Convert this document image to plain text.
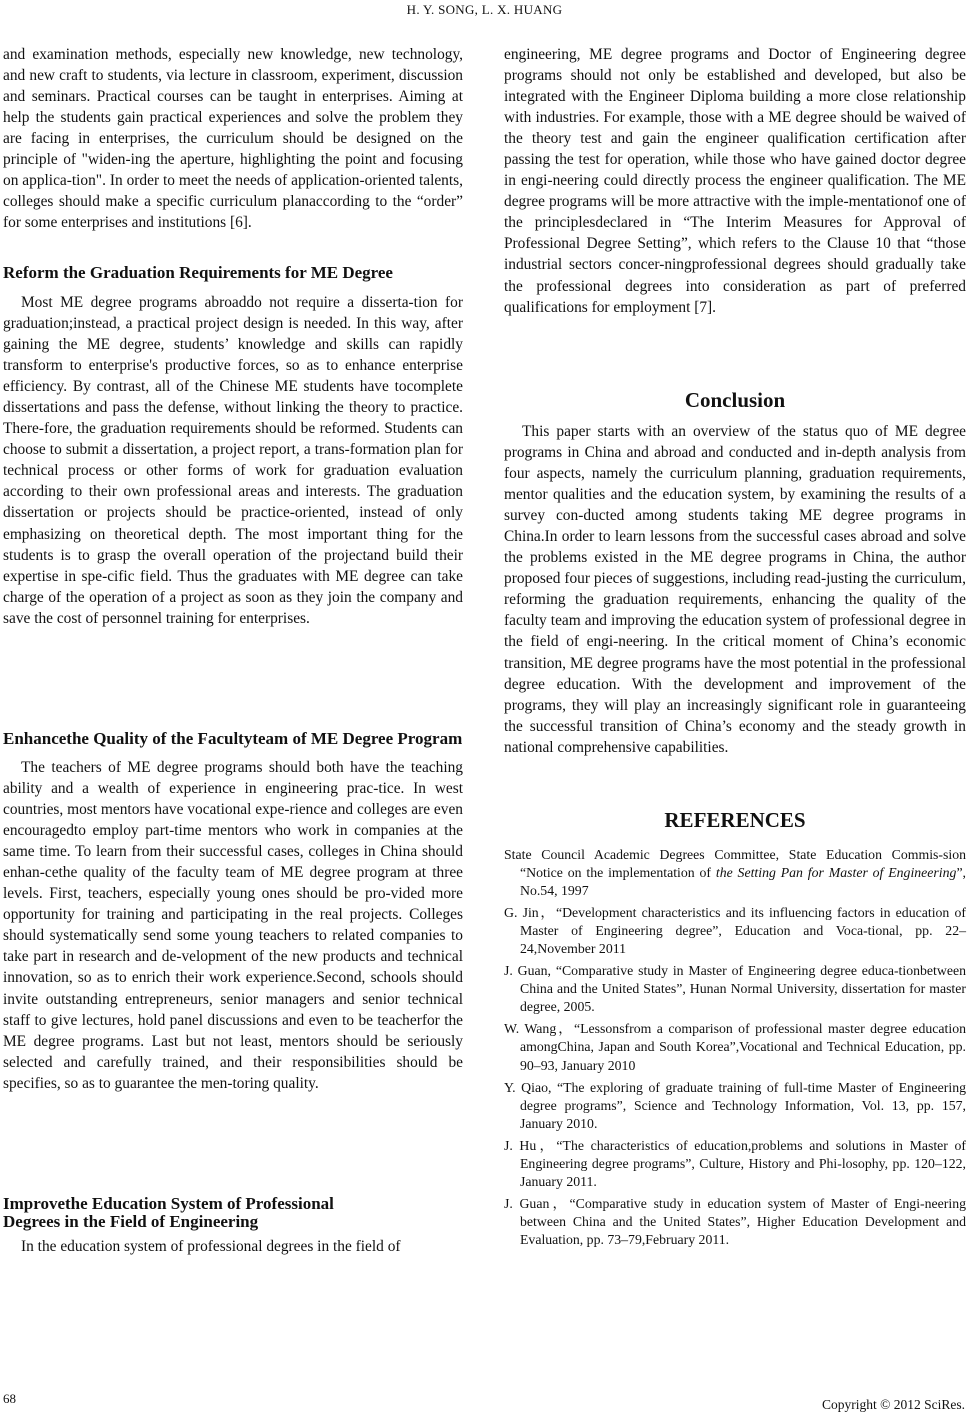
H. Y. SONG, L. X. HUANG

and examination methods, especially new knowledge, new technology, and new craft to students, via lecture in classroom, experiment, discussion and seminars. Practical courses can be taught in enterprises. Aiming at help the students gain practical experiences and solve the problem they are facing in enterprises, the curriculum should be designed on the principle of "widen-ing the aperture, highlighting the point and focusing on applica-tion". In order to meet the needs of application-oriented talents, colleges should make a specific curriculum planaccording to the “order” for some enterprises and institutions [6].

Reform the Graduation Requirements for ME Degree

Most ME degree programs abroaddo not require a disserta-tion for graduation;instead, a practical project design is needed. In this way, after gaining the ME degree, students’ knowledge and skills can rapidly transform to enterprise's productive forces, so as to enhance enterprise efficiency. By contrast, all of the Chinese ME students have tocomplete dissertations and pass the defense, without linking the theory to practice. There-fore, the graduation requirements should be reformed. Students can choose to submit a dissertation, a project report, a trans-formation plan for technical process or other forms of work for graduation evaluation according to their own professional areas and interests. The graduation dissertation or projects should be practice-oriented, instead of only emphasizing on theoretical depth. The most important thing for the students is to grasp the overall operation of the projectand build their expertise in spe-cific field. Thus the graduates with ME degree can take charge of the operation of a project as soon as they join the company and save the cost of personnel training for enterprises.

Enhancethe Quality of the Facultyteam of ME Degree Program

The teachers of ME degree programs should both have the teaching ability and a wealth of experience in engineering prac-tice. In west countries, most mentors have vocational expe-rience and colleges are even encouragedto employ part-time mentors who work in companies at the same time. To learn from their successful cases, colleges in China should enhan-cethe quality of the faculty team of ME degree program at three levels. First, teachers, especially young ones should be pro-vided more opportunity for training and participating in the real projects. Colleges should systematically send some young teachers to related companies to take part in research and de-velopment of the new products and technical innovation, so as to enrich their work experience.Second, schools should invite outstanding entrepreneurs, senior managers and senior technical staff to give lectures, hold panel discussions and even to be teacherfor the ME degree programs. Last but not least, mentors should be seriously selected and carefully trained, and their responsibilities should be specifies, so as to guarantee the men-toring quality.

Improvethe Education System of Professional
Degrees in the Field of Engineering

In the education system of professional degrees in the field of

engineering, ME degree programs and Doctor of Engineering degree programs should not only be established and developed, but also be integrated with the Engineer Diploma building a more close relationship with industries. For example, those with a ME degree should be waived of the theory test and gain the engineer qualification certification after passing the test for operation, while those who have gained doctor degree in engi-neering could directly process the engineer qualification. The ME degree programs will be more attractive with the imple-mentationof one of the principlesdeclared in “The Interim Measures for Approval of Professional Degree Setting”, which refers to the Clause 10 that “those industrial sectors concer-ningprofessional degrees should gradually take the professional degrees into consideration as part of preferred qualifications for employment [7].

Conclusion

This paper starts with an overview of the status quo of ME degree programs in China and abroad and conducted and in-depth analysis from four aspects, namely the curriculum planning, graduation requirements, mentor qualities and the education system, by examining the results of a survey con-ducted among students taking ME degree programs in China.In order to learn lessons from the successful cases abroad and solve the problems existed in the ME degree programs in China, the author proposed four pieces of suggestions, including read-justing the curriculum, reforming the graduation requirements, enhancing the quality of the faculty team and improving the education system of professional degree in the field of engi-neering. In the critical moment of China’s economic transition, ME degree programs have the most potential in the professional degree education. With the development and improvement of the programs, they will play an increasingly significant role in guaranteeing the successful transition of China’s economy and the steady growth in national comprehensive capabilities.

REFERENCES

State Council Academic Degrees Committee, State Education Commis-sion “Notice on the implementation of the Setting Pan for Master of Engineering”, No.54, 1997

G. Jin，“Development characteristics and its influencing factors in education of Master of Engineering degree”, Education and Voca-tional, pp. 22–24,November 2011

J. Guan, “Comparative study in Master of Engineering degree educa-tionbetween China and the United States”, Hunan Normal University, dissertation for master degree, 2005.

W. Wang，“Lessonsfrom a comparison of professional master degree education amongChina, Japan and South Korea”,Vocational and Technical Education, pp. 90–93, January 2010

Y. Qiao, “The exploring of graduate training of full-time Master of Engineering degree programs”, Science and Technology Information, Vol. 13, pp. 157, January 2010.

J. Hu，“The characteristics of education,problems and solutions in Master of Engineering degree programs”, Culture, History and Phi-losophy, pp. 120–122, January 2011.

J. Guan，“Comparative study in education system of Master of Engi-neering between China and the United States”, Higher Education Development and Evaluation, pp. 73–79,February 2011.

68	Copyright © 2012 SciRes.
